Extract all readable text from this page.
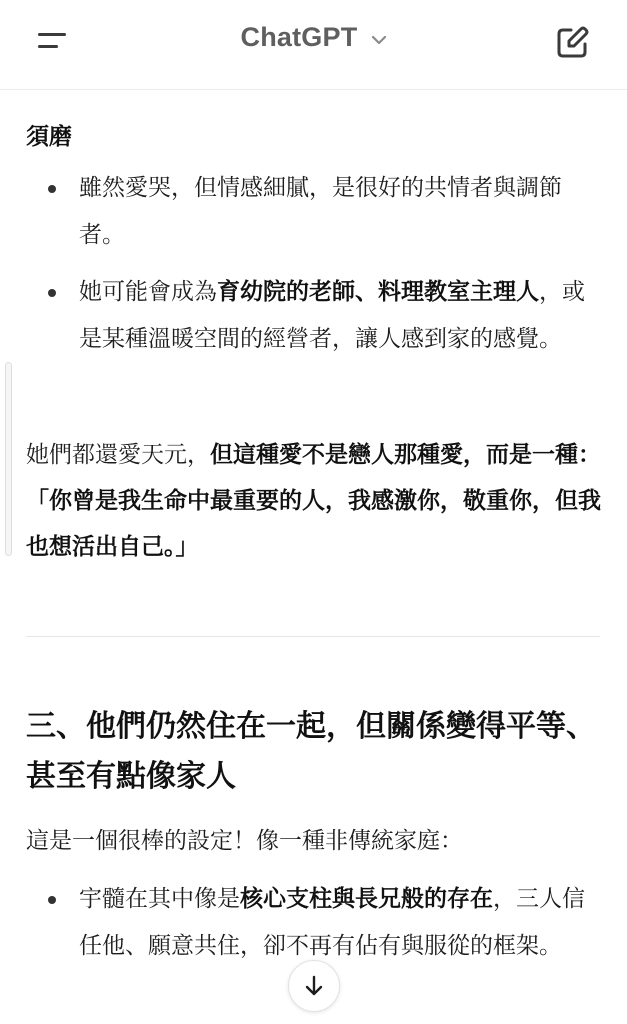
ChatGPT
須磨
雖然愛哭，但情感細膩，是很好的共情者與調節者。
她可能會成為育幼院的老師、料理教室主理人，或是某種溫暖空間的經營者，讓人感到家的感覺。
她們都還愛天元，但這種愛不是戀人那種愛，而是一種：「你曾是我生命中最重要的人，我感激你，敬重你，但我也想活出自己。」
三、他們仍然住在一起，但關係變得平等、甚至有點像家人
這是一個很棒的設定！像一種非傳統家庭：
宇髓在其中像是核心支柱與長兄般的存在，三人信任他、願意共住，卻不再有佔有與服從的框架。
